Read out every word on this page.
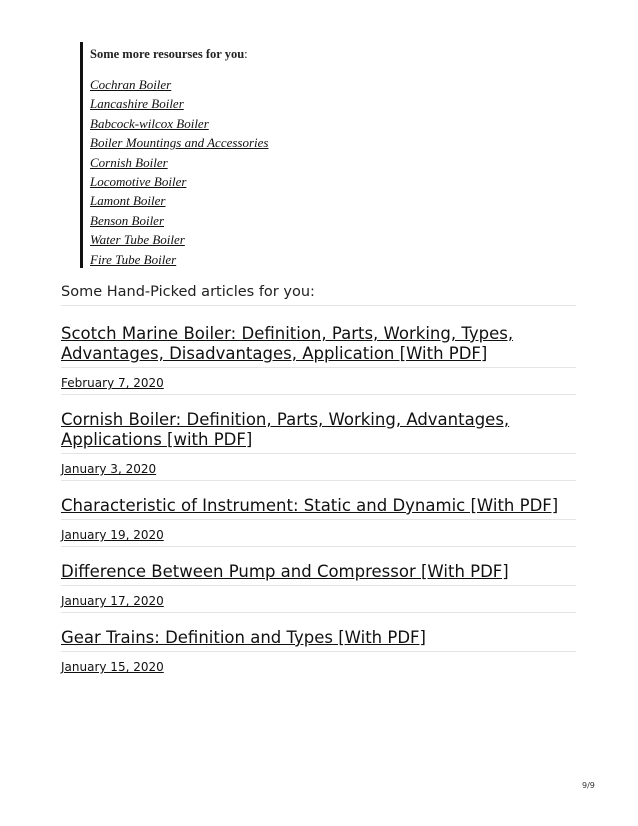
Some more resourses for you:
Cochran Boiler
Lancashire Boiler
Babcock-wilcox Boiler
Boiler Mountings and Accessories
Cornish Boiler
Locomotive Boiler
Lamont Boiler
Benson Boiler
Water Tube Boiler
Fire Tube Boiler
Some Hand-Picked articles for you:
Scotch Marine Boiler: Definition, Parts, Working, Types, Advantages, Disadvantages, Application [With PDF]
February 7, 2020
Cornish Boiler: Definition, Parts, Working, Advantages, Applications [with PDF]
January 3, 2020
Characteristic of Instrument: Static and Dynamic [With PDF]
January 19, 2020
Difference Between Pump and Compressor [With PDF]
January 17, 2020
Gear Trains: Definition and Types [With PDF]
January 15, 2020
9/9
